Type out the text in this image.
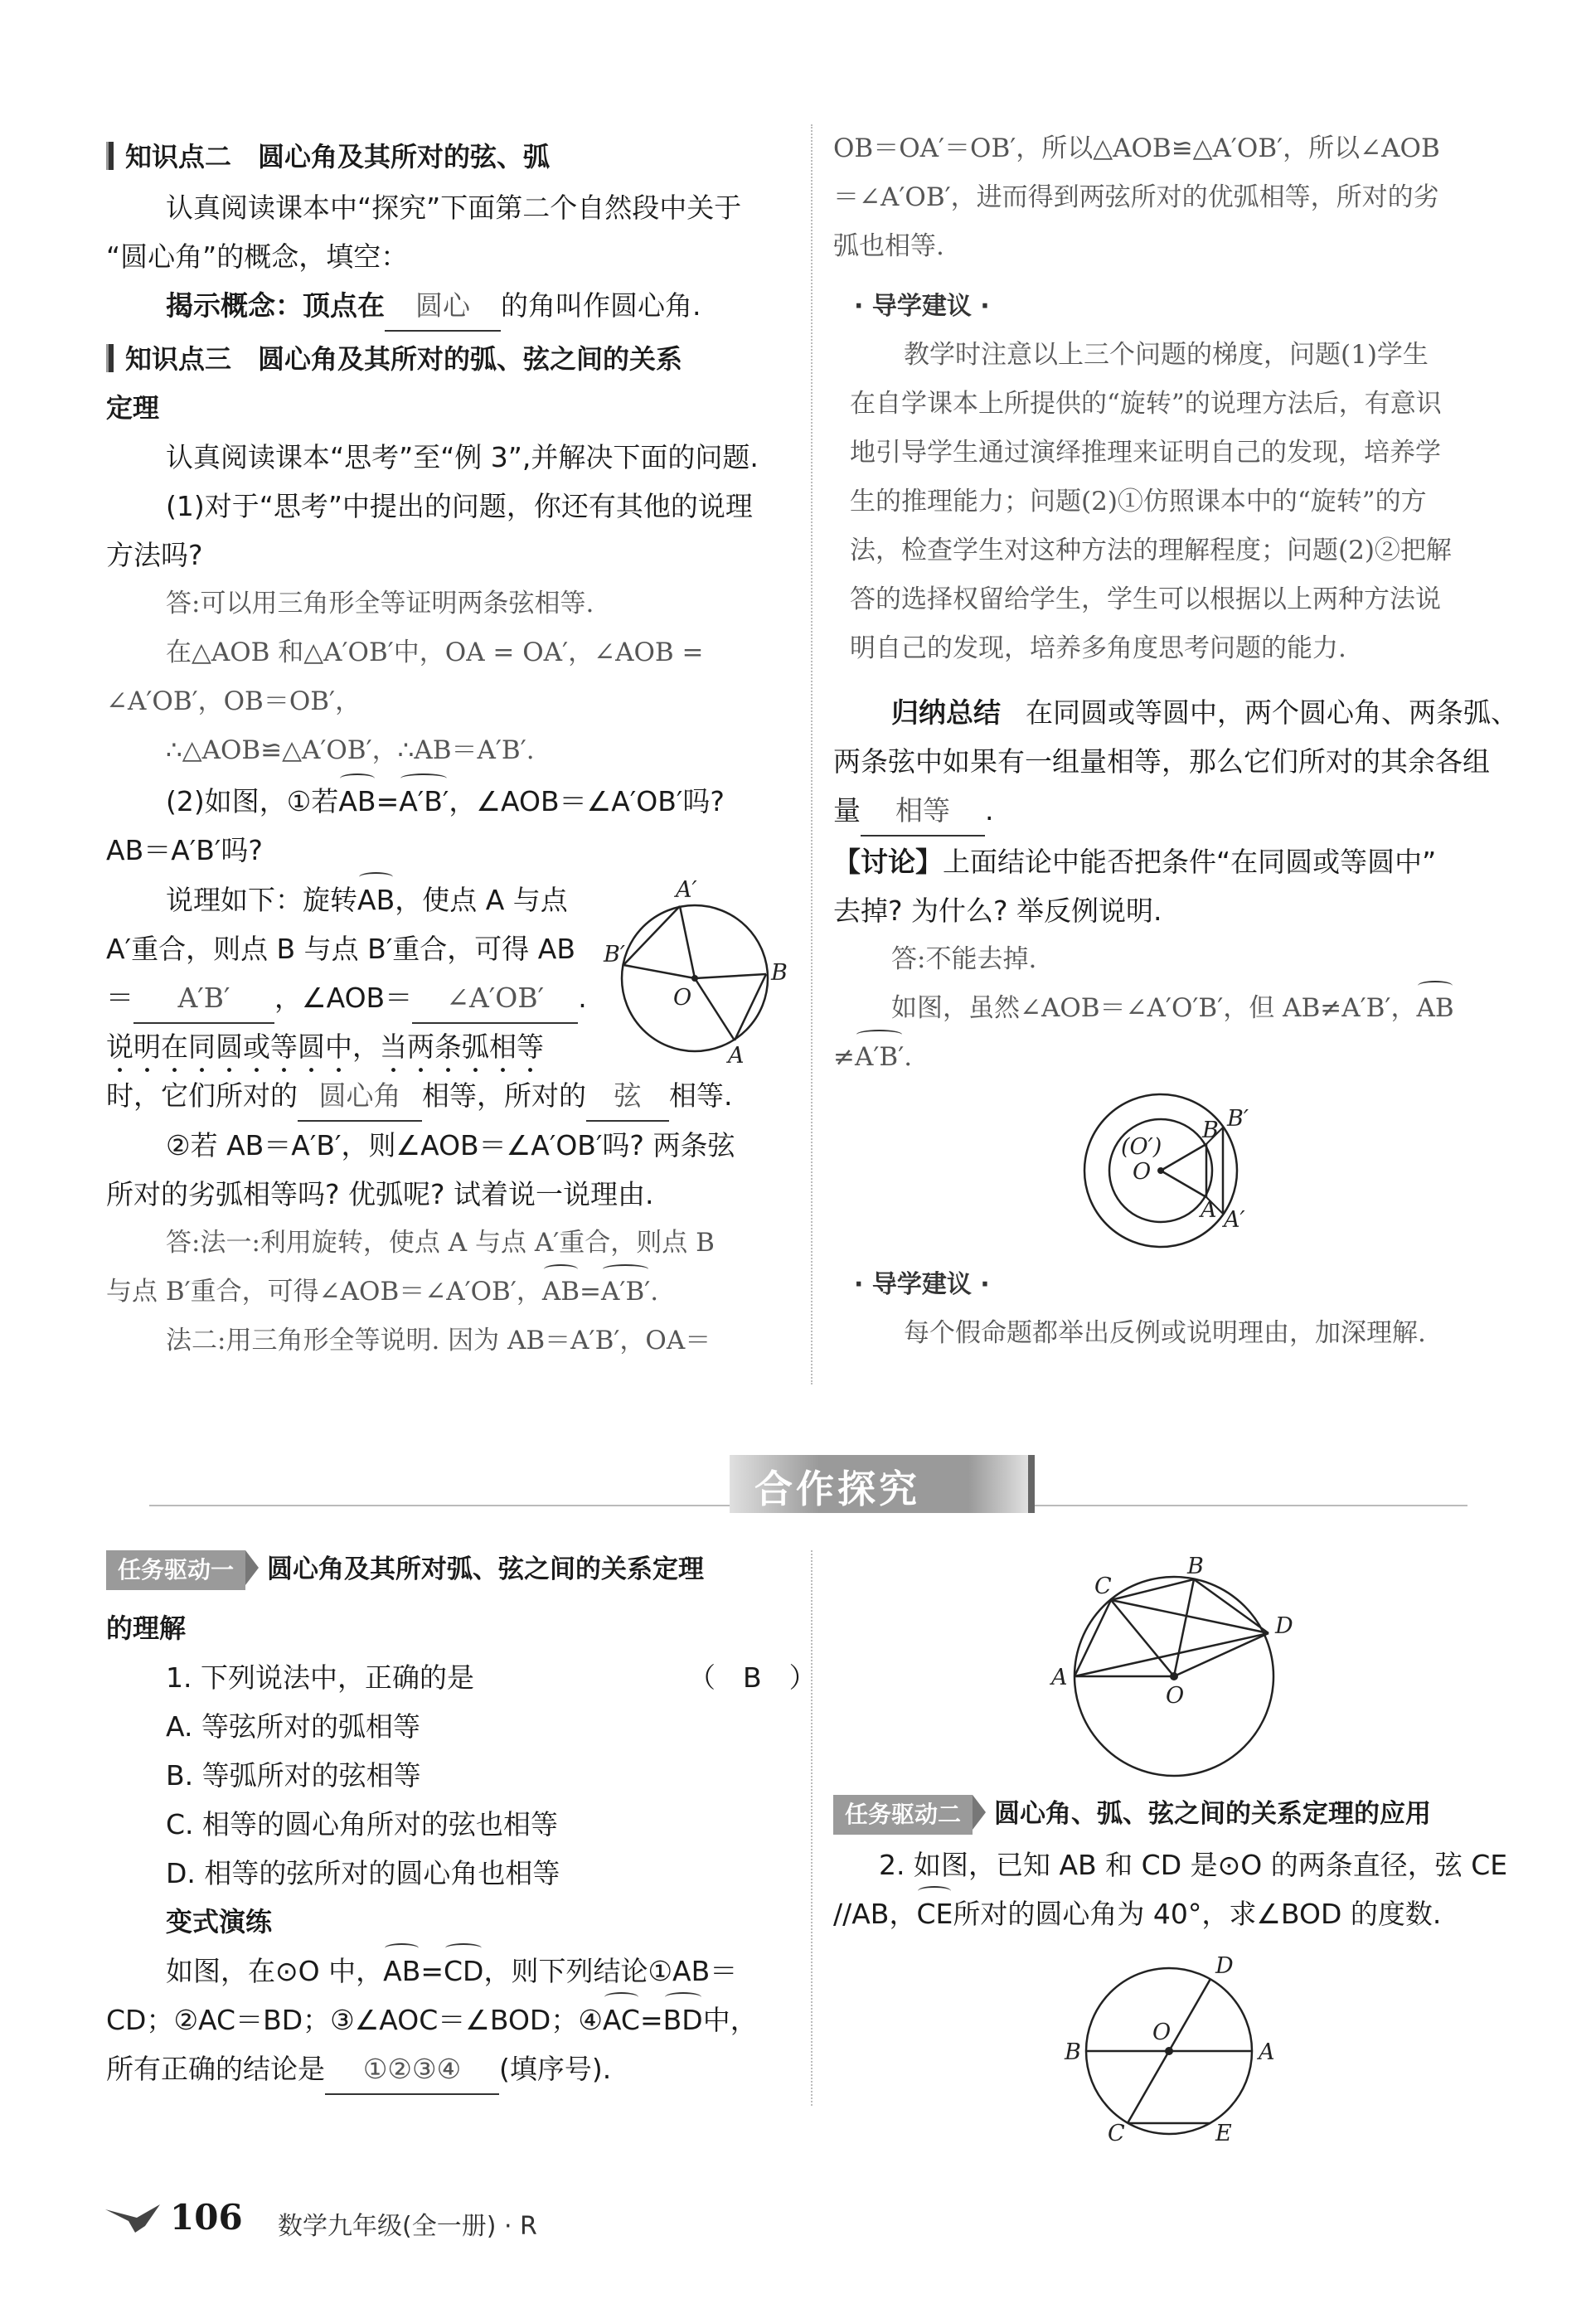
知识点二　圆心角及其所对的弦、弧
认真阅读课本中“探究”下面第二个自然段中关于
“圆心角”的概念，填空：
揭示概念：顶点在 圆心 的角叫作圆心角.
知识点三　圆心角及其所对的弧、弦之间的关系
定理
认真阅读课本“思考”至“例 3”,并解决下面的问题.
(1)对于“思考”中提出的问题，你还有其他的说理
方法吗?
答:可以用三角形全等证明两条弦相等.
在△AOB 和△A′OB′中，OA = OA′，∠AOB =
∠A′OB′，OB＝OB′，
∴△AOB≌△A′OB′，∴AB＝A′B′.
(2)如图，①若AB=A′B′，∠AOB＝∠A′OB′吗?
AB＝A′B′吗?
说理如下：旋转AB，使点 A 与点
A′重合，则点 B 与点 B′重合，可得 AB
＝ A′B′ ，∠AOB＝ ∠A′OB′ .
说明在同圆或等圆中，当两条弧相等
时，它们所对的 圆心角 相等，所对的 弦 相等.
A′
B′
B
O
A
②若 AB＝A′B′，则∠AOB＝∠A′OB′吗? 两条弦
所对的劣弧相等吗? 优弧呢? 试着说一说理由.
答:法一:利用旋转，使点 A 与点 A′重合，则点 B
与点 B′重合，可得∠AOB＝∠A′OB′，AB=A′B′.
法二:用三角形全等说明. 因为 AB＝A′B′，OA＝
OB＝OA′＝OB′，所以△AOB≌△A′OB′，所以∠AOB
＝∠A′OB′，进而得到两弦所对的优弧相等，所对的劣
弧也相等.
· 导学建议 ·
教学时注意以上三个问题的梯度，问题(1)学生
在自学课本上所提供的“旋转”的说理方法后，有意识
地引导学生通过演绎推理来证明自己的发现，培养学
生的推理能力；问题(2)①仿照课本中的“旋转”的方
法，检查学生对这种方法的理解程度；问题(2)②把解
答的选择权留给学生，学生可以根据以上两种方法说
明自己的发现，培养多角度思考问题的能力.
归纳总结 在同圆或等圆中，两个圆心角、两条弧、
两条弦中如果有一组量相等，那么它们所对的其余各组
量 相等 .
【讨论】上面结论中能否把条件“在同圆或等圆中”
去掉? 为什么? 举反例说明.
答:不能去掉.
如图，虽然∠AOB＝∠A′O′B′，但 AB≠A′B′，AB
≠A′B′.
(O′)
O
B B′
A A′
· 导学建议 ·
每个假命题都举出反例或说明理由，加深理解.
合作探究
任务驱动一 圆心角及其所对弧、弦之间的关系定理
的理解
1. 下列说法中，正确的是	（　B　）
A. 等弦所对的弧相等
B. 等弧所对的弦相等
C. 相等的圆心角所对的弦也相等
D. 相等的弦所对的圆心角也相等
变式演练
如图，在⊙O 中，AB=CD，则下列结论①AB＝
CD；②AC＝BD；③∠AOC＝∠BOD；④AC=BD中，
所有正确的结论是 ①②③④ (填序号).
B
C
D
A
O
任务驱动二 圆心角、弧、弦之间的关系定理的应用
2. 如图，已知 AB 和 CD 是⊙O 的两条直径，弦 CE
//AB，CE所对的圆心角为 40°，求∠BOD 的度数.
D
O
B	A
C	E
106 数学九年级(全一册) · R
